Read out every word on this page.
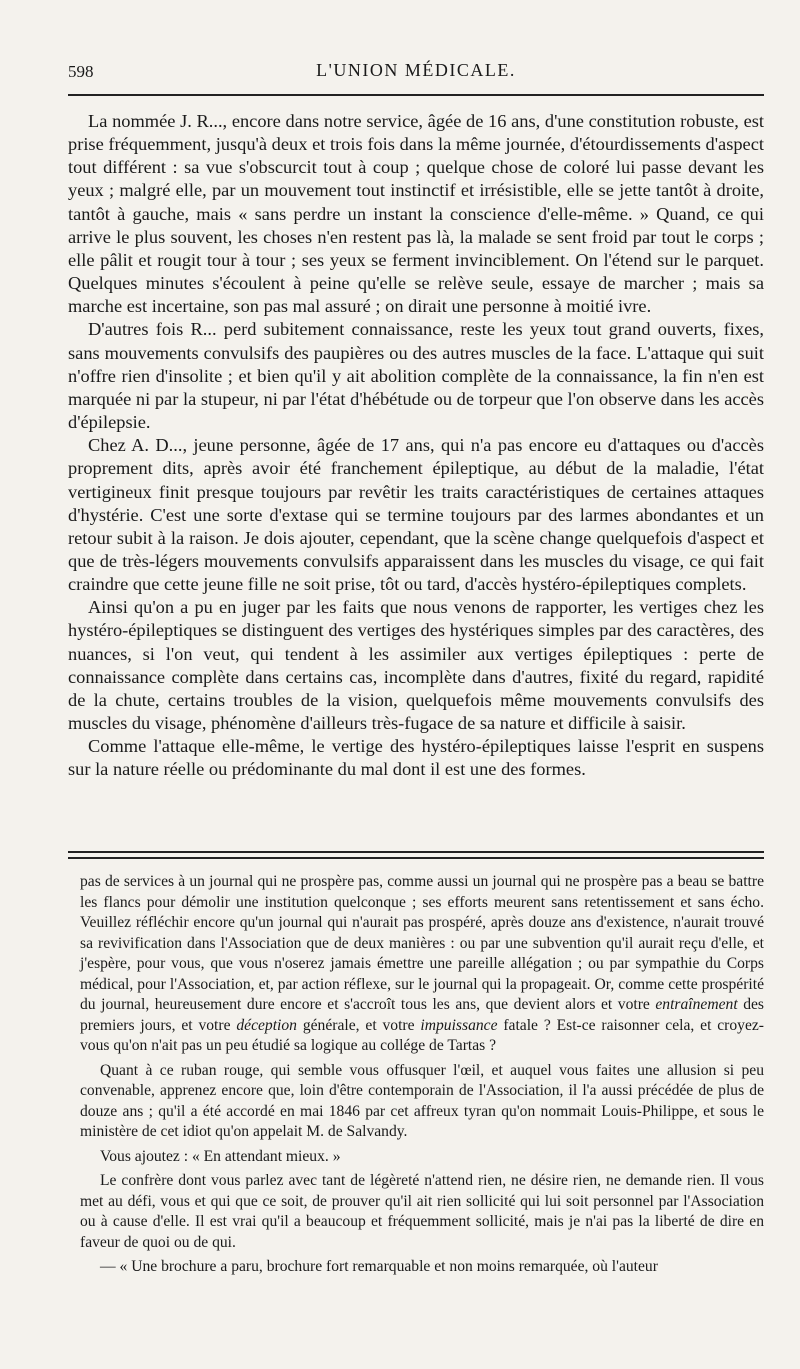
598	L'UNION MÉDICALE.

La nommée J. R..., encore dans notre service, âgée de 16 ans, d'une constitution robuste, est prise fréquemment, jusqu'à deux et trois fois dans la même journée, d'étourdissements d'aspect tout différent : sa vue s'obscurcit tout à coup ; quelque chose de coloré lui passe devant les yeux ; malgré elle, par un mouvement tout instinctif et irrésistible, elle se jette tantôt à droite, tantôt à gauche, mais « sans perdre un instant la conscience d'elle-même. » Quand, ce qui arrive le plus souvent, les choses n'en restent pas là, la malade se sent froid par tout le corps ; elle pâlit et rougit tour à tour ; ses yeux se ferment invinciblement. On l'étend sur le parquet. Quelques minutes s'écoulent à peine qu'elle se relève seule, essaye de marcher ; mais sa marche est incertaine, son pas mal assuré ; on dirait une personne à moitié ivre.

D'autres fois R... perd subitement connaissance, reste les yeux tout grand ouverts, fixes, sans mouvements convulsifs des paupières ou des autres muscles de la face. L'attaque qui suit n'offre rien d'insolite ; et bien qu'il y ait abolition complète de la connaissance, la fin n'en est marquée ni par la stupeur, ni par l'état d'hébétude ou de torpeur que l'on observe dans les accès d'épilepsie.

Chez A. D..., jeune personne, âgée de 17 ans, qui n'a pas encore eu d'attaques ou d'accès proprement dits, après avoir été franchement épileptique, au début de la maladie, l'état vertigineux finit presque toujours par revêtir les traits caractéristiques de certaines attaques d'hystérie. C'est une sorte d'extase qui se termine toujours par des larmes abondantes et un retour subit à la raison. Je dois ajouter, cependant, que la scène change quelquefois d'aspect et que de très-légers mouvements convulsifs apparaissent dans les muscles du visage, ce qui fait craindre que cette jeune fille ne soit prise, tôt ou tard, d'accès hystéro-épileptiques complets.

Ainsi qu'on a pu en juger par les faits que nous venons de rapporter, les vertiges chez les hystéro-épileptiques se distinguent des vertiges des hystériques simples par des caractères, des nuances, si l'on veut, qui tendent à les assimiler aux vertiges épileptiques : perte de connaissance complète dans certains cas, incomplète dans d'autres, fixité du regard, rapidité de la chute, certains troubles de la vision, quelquefois même mouvements convulsifs des muscles du visage, phénomène d'ailleurs très-fugace de sa nature et difficile à saisir.

Comme l'attaque elle-même, le vertige des hystéro-épileptiques laisse l'esprit en suspens sur la nature réelle ou prédominante du mal dont il est une des formes.

pas de services à un journal qui ne prospère pas, comme aussi un journal qui ne prospère pas a beau se battre les flancs pour démolir une institution quelconque ; ses efforts meurent sans retentissement et sans écho. Veuillez réfléchir encore qu'un journal qui n'aurait pas prospéré, après douze ans d'existence, n'aurait trouvé sa revivification dans l'Association que de deux manières : ou par une subvention qu'il aurait reçu d'elle, et j'espère, pour vous, que vous n'oserez jamais émettre une pareille allégation ; ou par sympathie du Corps médical, pour l'Association, et, par action réflexe, sur le journal qui la propageait. Or, comme cette prospérité du journal, heureusement dure encore et s'accroît tous les ans, que devient alors et votre entraînement des premiers jours, et votre déception générale, et votre impuissance fatale ? Est-ce raisonner cela, et croyez-vous qu'on n'ait pas un peu étudié sa logique au collége de Tartas ?

Quant à ce ruban rouge, qui semble vous offusquer l'œil, et auquel vous faites une allusion si peu convenable, apprenez encore que, loin d'être contemporain de l'Association, il l'a aussi précédée de plus de douze ans ; qu'il a été accordé en mai 1846 par cet affreux tyran qu'on nommait Louis-Philippe, et sous le ministère de cet idiot qu'on appelait M. de Salvandy.

Vous ajoutez : « En attendant mieux. »

Le confrère dont vous parlez avec tant de légèreté n'attend rien, ne désire rien, ne demande rien. Il vous met au défi, vous et qui que ce soit, de prouver qu'il ait rien sollicité qui lui soit personnel par l'Association ou à cause d'elle. Il est vrai qu'il a beaucoup et fréquemment sollicité, mais je n'ai pas la liberté de dire en faveur de quoi ou de qui.

— « Une brochure a paru, brochure fort remarquable et non moins remarquée, où l'auteur
